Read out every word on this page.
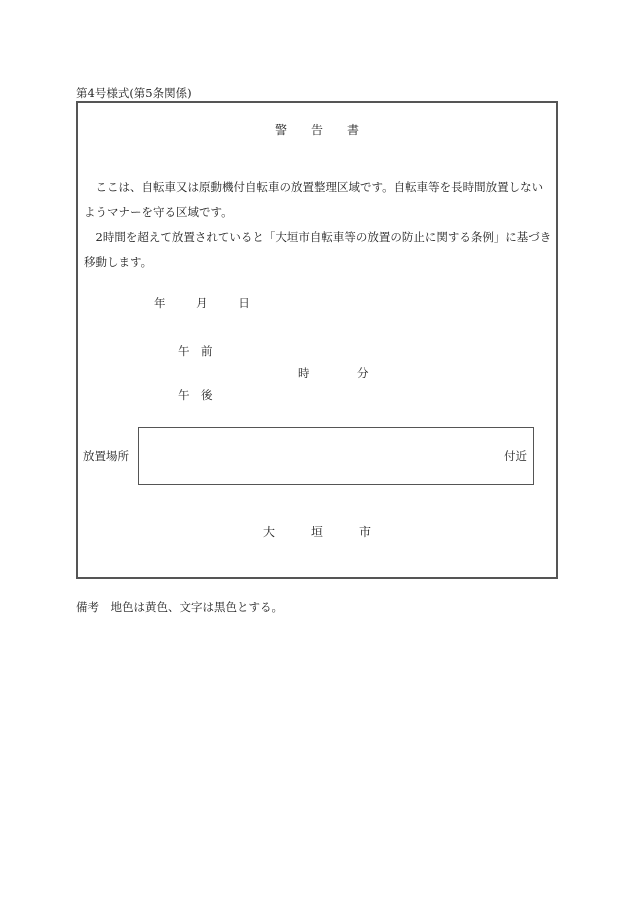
第4号様式(第5条関係)
警 告 書

ここは、自転車又は原動機付自転車の放置整理区域です。自転車等を長時間放置しないようマナーを守る区域です。

2時間を超えて放置されていると「大垣市自転車等の放置の防止に関する条例」に基づき移動します。

年	月	日
午　前
時	分
午　後
放置場所	付近
大	垣	市
備考　地色は黄色、文字は黒色とする。
